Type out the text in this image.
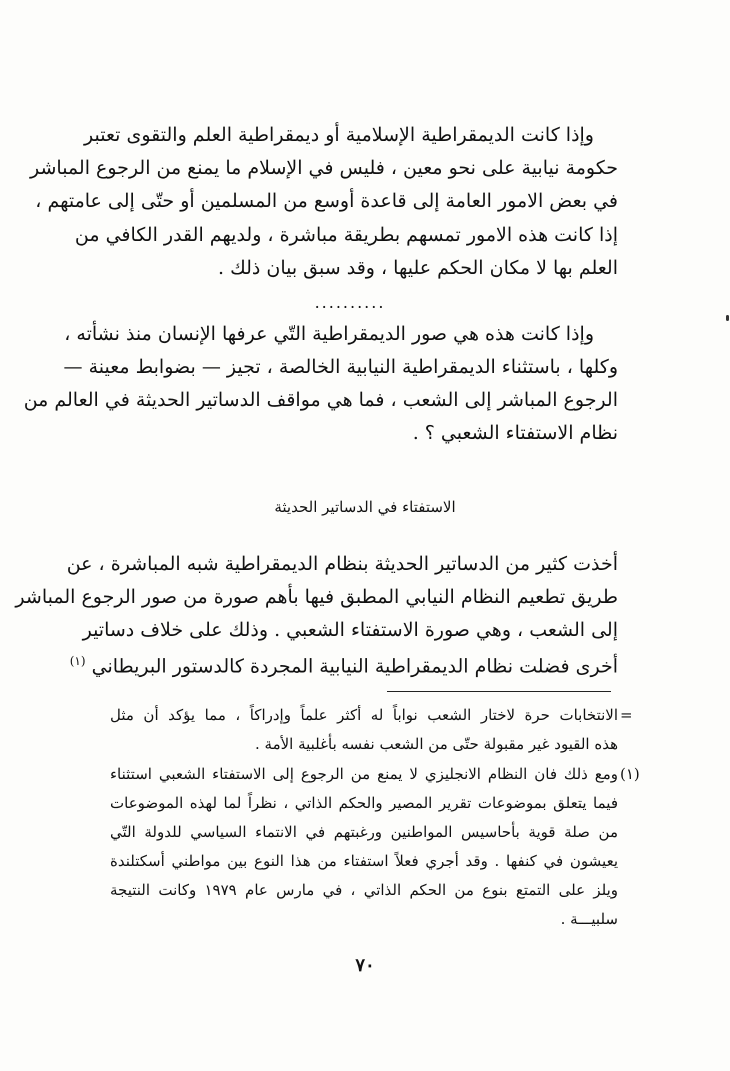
وإذا كانت الديمقراطية الإسلامية أو ديمقراطية العلم والتقوى تعتبر
حكومة نيابية على نحو معين ، فليس في الإسلام ما يمنع من الرجوع المباشر
في بعض الامور العامة إلى قاعدة أوسع من المسلمين أو حتّى إلى عامتهم ،
إذا كانت هذه الامور تمسهم بطريقة مباشرة ، ولديهم القدر الكافي من
العلم بها لا مكان الحكم عليها ، وقد سبق بيان ذلك .
..........
وإذا كانت هذه هي صور الديمقراطية التّي عرفها الإنسان منذ نشأته ،
وكلها ، باستثناء الديمقراطية النيابية الخالصة ، تجيز — بضوابط معينة —
الرجوع المباشر إلى الشعب ، فما هي مواقف الدساتير الحديثة في العالم من
نظام الاستفتاء الشعبي ؟ .
الاستفتاء في الدساتير الحديثة
أخذت كثير من الدساتير الحديثة بنظام الديمقراطية شبه المباشرة ، عن
طريق تطعيم النظام النيابي المطبق فيها بأهم صورة من صور الرجوع المباشر
إلى الشعب ، وهي صورة الاستفتاء الشعبي . وذلك على خلاف دساتير
أخرى فضلت نظام الديمقراطية النيابية المجردة كالدستور البريطاني $^{(١)}$
=
الانتخابات حرة لاختار الشعب نواباً له أكثر علماً وإدراكاً ، مما يؤكد أن مثل
هذه القيود غير مقبولة حتّى من الشعب نفسه بأغلبية الأمة .
(١)
ومع ذلك فان النظام الانجليزي لا يمنع من الرجوع إلى الاستفتاء الشعبي استثناء
فيما يتعلق بموضوعات تقرير المصير والحكم الذاتي ، نظراً لما لهذه الموضوعات
من صلة قوية بأحاسيس المواطنين ورغبتهم في الانتماء السياسي للدولة التّي
يعيشون في كنفها . وقد أجري فعلاً استفتاء من هذا النوع بين مواطني أسكتلندة
ويلز على التمتع بنوع من الحكم الذاتي ، في مارس عام ١٩٧٩ وكانت النتيجة
سلبيـــة .
٧٠
